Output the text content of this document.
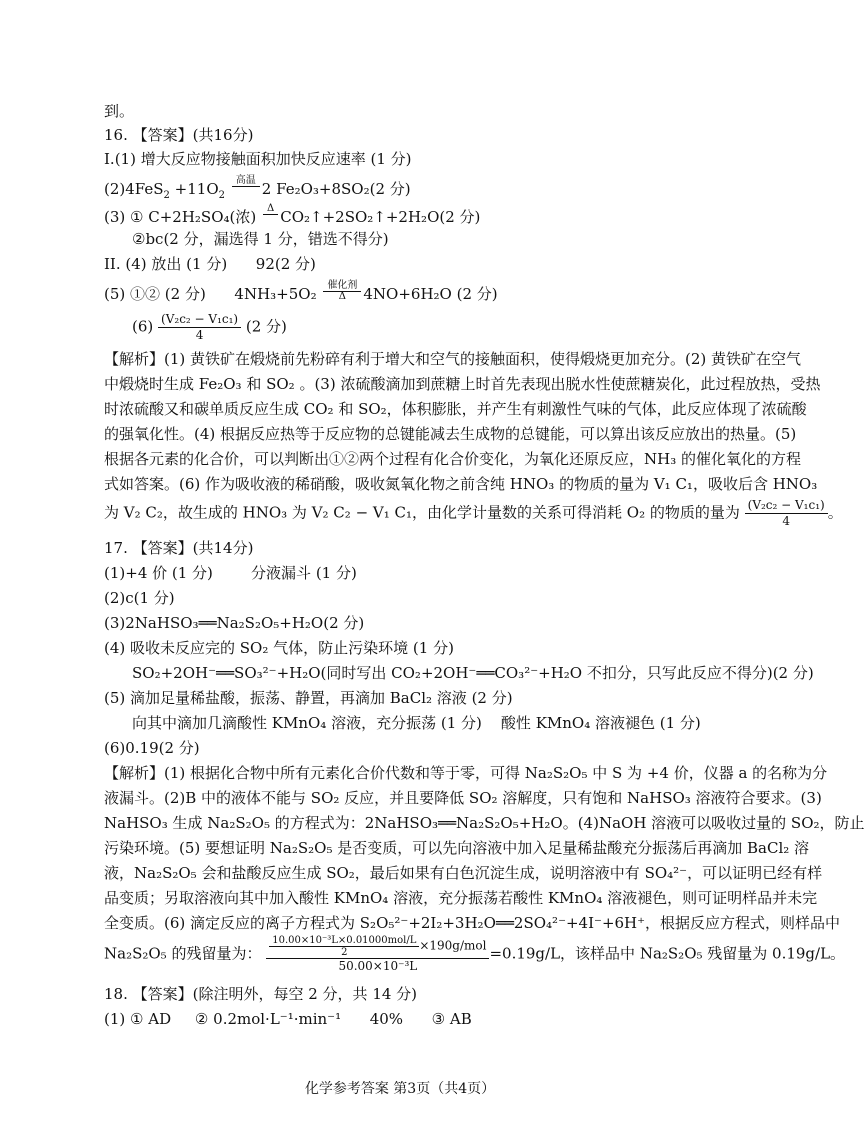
到。
16. 【答案】(共16分)
I.(1) 增大反应物接触面积加快反应速率 (1 分)
$(2)4FeS_2 +11O_2$
高温
2 Fe₂O₃+8SO₂(2 分)
(3) ① C+2H₂SO₄(浓)	Δ
CO₂↑+2SO₂↑+2H₂O(2 分)
②bc(2 分，漏选得 1 分，错选不得分)
II. (4) 放出 (1 分)      92(2 分)
(5) ①② (2 分)      4NH₃+5O₂	催化剂
Δ	4NO+6H₂O (2 分)
$(6) \frac{\text{(V₂c₂ − V₁c₁)}}{4} (2$ 分)
【解析】(1) 黄铁矿在煅烧前先粉碎有利于增大和空气的接触面积，使得煅烧更加充分。(2) 黄铁矿在空气
中煅烧时生成 Fe₂O₃ 和 SO₂ 。(3) 浓硫酸滴加到蔗糖上时首先表现出脱水性使蔗糖炭化，此过程放热，受热
时浓硫酸又和碳单质反应生成 CO₂ 和 SO₂，体积膨胀，并产生有刺激性气味的气体，此反应体现了浓硫酸
的强氧化性。(4) 根据反应热等于反应物的总键能减去生成物的总键能，可以算出该反应放出的热量。(5)
根据各元素的化合价，可以判断出①②两个过程有化合价变化，为氧化还原反应，NH₃ 的催化氧化的方程
式如答案。(6) 作为吸收液的稀硝酸，吸收氮氧化物之前含纯 HNO₃ 的物质的量为 V₁ C₁，吸收后含 HNO₃
为 V₂ C₂，故生成的 HNO₃ 为 V₂ C₂ − V₁ C₁，由化学计量数的关系可得消耗 O₂ 的物质的量为 $\frac{\text{(V₂c₂ − V₁c₁)}}{4}$ 。
17. 【答案】(共14分)
(1)+4 价 (1 分)        分液漏斗 (1 分)
(2)c(1 分)
(3)2NaHSO₃══Na₂S₂O₅+H₂O(2 分)
(4) 吸收未反应完的 SO₂ 气体，防止污染环境 (1 分)
SO₂+2OH⁻══SO₃²⁻+H₂O(同时写出 CO₂+2OH⁻══CO₃²⁻+H₂O 不扣分，只写此反应不得分)(2 分)
(5) 滴加足量稀盐酸，振荡、静置，再滴加 BaCl₂ 溶液 (2 分)
向其中滴加几滴酸性 KMnO₄ 溶液，充分振荡 (1 分)    酸性 KMnO₄ 溶液褪色 (1 分)
(6)0.19(2 分)
【解析】(1) 根据化合物中所有元素化合价代数和等于零，可得 Na₂S₂O₅ 中 S 为 +4 价，仪器 a 的名称为分
液漏斗。(2)B 中的液体不能与 SO₂ 反应，并且要降低 SO₂ 溶解度，只有饱和 NaHSO₃ 溶液符合要求。(3)
NaHSO₃ 生成 Na₂S₂O₅ 的方程式为：2NaHSO₃══Na₂S₂O₅+H₂O。(4)NaOH 溶液可以吸收过量的 SO₂，防止
污染环境。(5) 要想证明 Na₂S₂O₅ 是否变质，可以先向溶液中加入足量稀盐酸充分振荡后再滴加 BaCl₂ 溶
液，Na₂S₂O₅ 会和盐酸反应生成 SO₂，最后如果有白色沉淀生成，说明溶液中有 SO₄²⁻，可以证明已经有样
品变质；另取溶液向其中加入酸性 KMnO₄ 溶液，充分振荡若酸性 KMnO₄ 溶液褪色，则可证明样品并未完
全变质。(6) 滴定反应的离子方程式为 S₂O₅²⁻+2I₂+3H₂O══2SO₄²⁻+4I⁻+6H⁺，根据反应方程式，则样品中
Na₂S₂O₅ 的残留量为： $\frac{\frac{\text{10.00×10⁻³L×0.01000mol/L}}{2} \times 190g/mol}{\text{50.00×10⁻³L}} =0.19g/L$，该样品中 Na₂S₂O₅ 残留量为 0.19g/L。
18. 【答案】(除注明外，每空 2 分，共 14 分)
(1) ① AD     ② 0.2mol·L⁻¹·min⁻¹      40%      ③ AB
化学参考答案 第3页（共4页）
